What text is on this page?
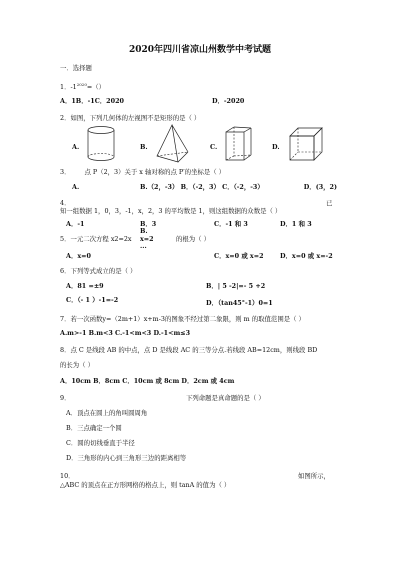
2020年四川省凉山州数学中考试题
一．选择题
1．$-1^{2020}=()$
A．1B．-1C．2020	D．-2020
2．如图，下列几何体的左视图不是矩形的是（ ）
A.	B.	C.	D.
3． 点 P（2，3）关于 x 轴对称的点 P′的坐标是（ ）
A.	B.（2，-3） B．（-2，3） C．（-2，-3）	D．(3，2)
4．	已
知一组数据 1，0，3，-1，x，2，3 的平均数是 1，则这组数据的众数是（ ）
A．-1	B．3	C．-1 和 3	D．1 和 3
5．一元二次方程 x2=2x
B. x=2 ...
的根为（ ）
A．x=0	C．x=0 或 x=2	D．x=0 或 x=-2
6．下列等式成立的是（ ）
A．81 =±9	B．| 5 -2|=- 5 +2
C．（- 1 ）-1=-2	D．（tan45°-1）0=1
7．若一次函数y=（2m+1）x+m-3的图象不经过第二象限，则 m 的取值范围是（ ）
A.m>-1 B.m<3 C.-1<m<3 D.-1<m≤3
8．点 C 是线段 AB 的中点，点 D 是线段 AC 的三等分点.若线段 AB=12cm，则线段 BD
的长为（ ）
A．10cm B．8cm C．10cm 或 8cm D．2cm 或 4cm
9．	下列命题是真命题的是（ ）
A．顶点在圆上的角叫圆周角
B．三点确定一个圆
C．圆的切线垂直于半径
D．三角形的内心到三角形三边的距离相等
10．	如图所示，
△ABC 的顶点在正方形网格的格点上，则 tanA 的值为（ ）
